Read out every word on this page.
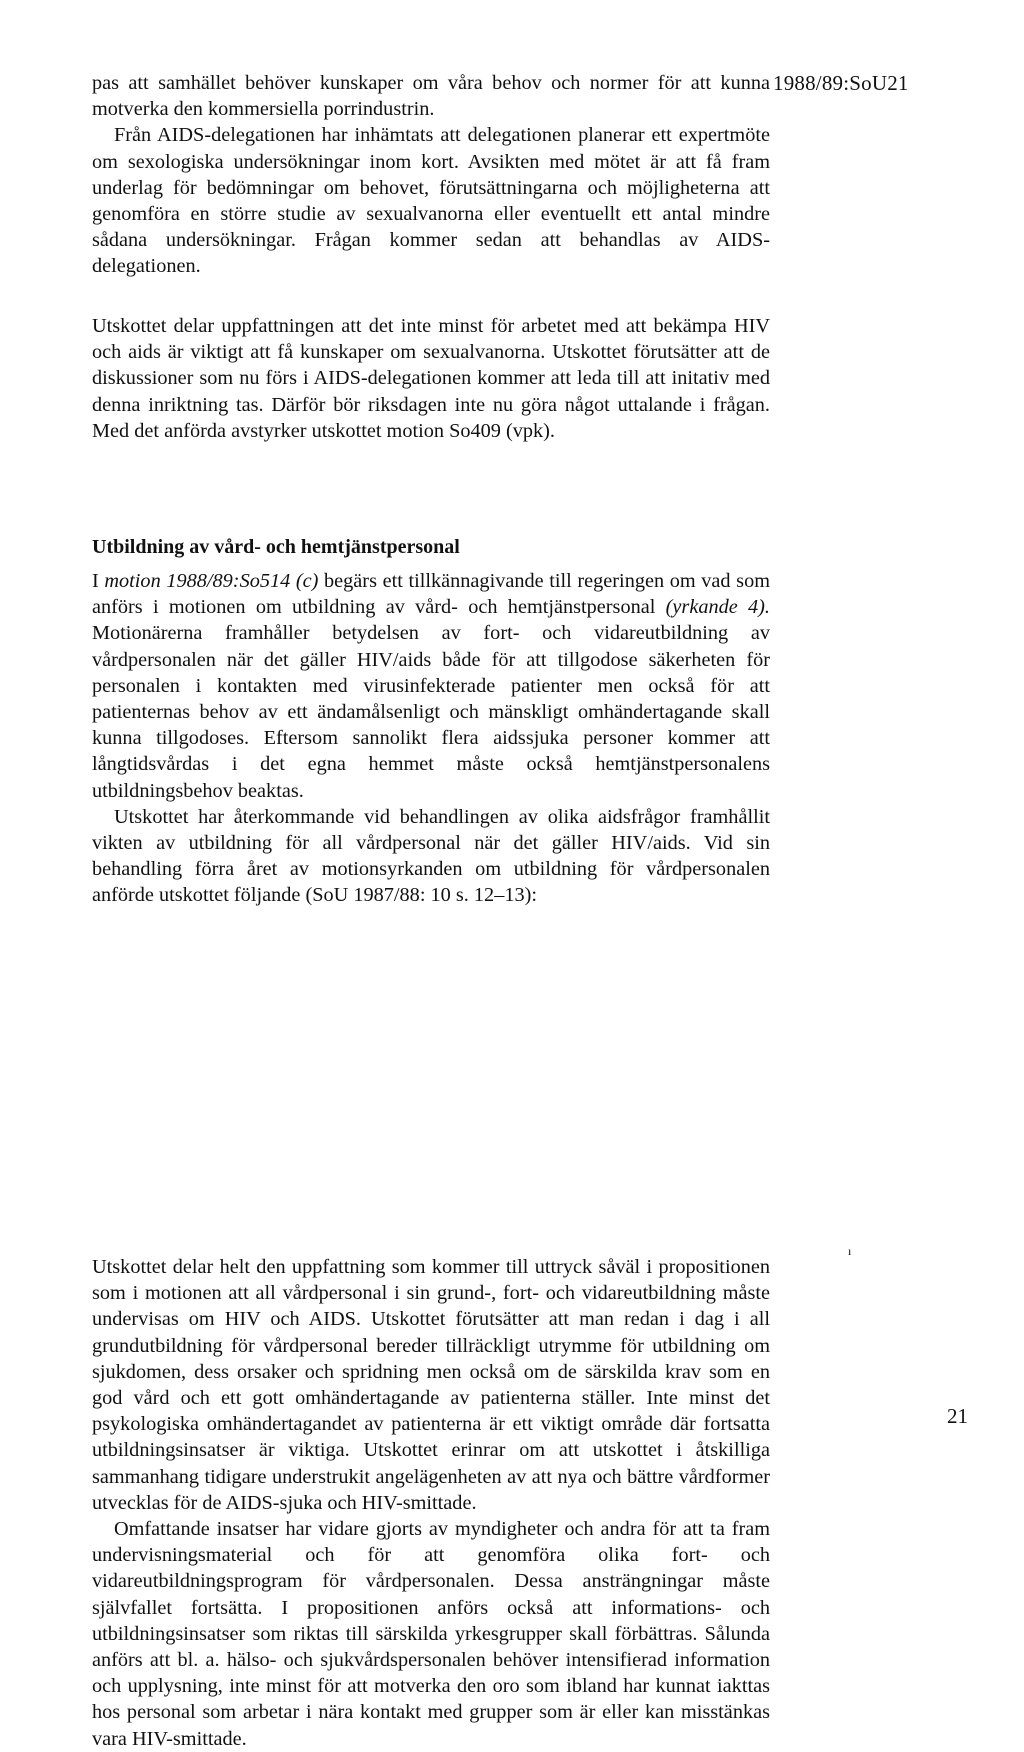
1988/89:SoU21
21
ı

pas att samhället behöver kunskaper om våra behov och normer för att kunna motverka den kommersiella porrindustrin.

Från AIDS-delegationen har inhämtats att delegationen planerar ett expertmöte om sexologiska undersökningar inom kort. Avsikten med mötet är att få fram underlag för bedömningar om behovet, förutsättningarna och möjligheterna att genomföra en större studie av sexualvanorna eller eventuellt ett antal mindre sådana undersökningar. Frågan kommer sedan att behandlas av AIDS-delegationen.

Utskottet delar uppfattningen att det inte minst för arbetet med att bekämpa HIV och aids är viktigt att få kunskaper om sexualvanorna. Utskottet förutsätter att de diskussioner som nu förs i AIDS-delegationen kommer att leda till att initativ med denna inriktning tas. Därför bör riksdagen inte nu göra något uttalande i frågan. Med det anförda avstyrker utskottet motion So409 (vpk).

Utbildning av vård- och hemtjänstpersonal

I motion 1988/89:So514 (c) begärs ett tillkännagivande till regeringen om vad som anförs i motionen om utbildning av vård- och hemtjänstpersonal (yrkande 4). Motionärerna framhåller betydelsen av fort- och vidareutbildning av vårdpersonalen när det gäller HIV/aids både för att tillgodose säkerheten för personalen i kontakten med virusinfekterade patienter men också för att patienternas behov av ett ändamålsenligt och mänskligt omhändertagande skall kunna tillgodoses. Eftersom sannolikt flera aidssjuka personer kommer att långtidsvårdas i det egna hemmet måste också hemtjänstpersonalens utbildningsbehov beaktas.

Utskottet har återkommande vid behandlingen av olika aidsfrågor framhållit vikten av utbildning för all vårdpersonal när det gäller HIV/aids. Vid sin behandling förra året av motionsyrkanden om utbildning för vårdpersonalen anförde utskottet följande (SoU 1987/88: 10 s. 12–13):

Utskottet delar helt den uppfattning som kommer till uttryck såväl i propositionen som i motionen att all vårdpersonal i sin grund-, fort- och vidareutbildning måste undervisas om HIV och AIDS. Utskottet förutsätter att man redan i dag i all grundutbildning för vårdpersonal bereder tillräckligt utrymme för utbildning om sjukdomen, dess orsaker och spridning men också om de särskilda krav som en god vård och ett gott omhändertagande av patienterna ställer. Inte minst det psykologiska omhändertagandet av patienterna är ett viktigt område där fortsatta utbildningsinsatser är viktiga. Utskottet erinrar om att utskottet i åtskilliga sammanhang tidigare understrukit angelägenheten av att nya och bättre vårdformer utvecklas för de AIDS-sjuka och HIV-smittade.

Omfattande insatser har vidare gjorts av myndigheter och andra för att ta fram undervisningsmaterial och för att genomföra olika fort- och vidareutbildningsprogram för vårdpersonalen. Dessa ansträngningar måste självfallet fortsätta. I propositionen anförs också att informations- och utbildningsinsatser som riktas till särskilda yrkesgrupper skall förbättras. Sålunda anförs att bl. a. hälso- och sjukvårdspersonalen behöver intensifierad information och upplysning, inte minst för att motverka den oro som ibland har kunnat iakttas hos personal som arbetar i nära kontakt med grupper som är eller kan misstänkas vara HIV-smittade.
